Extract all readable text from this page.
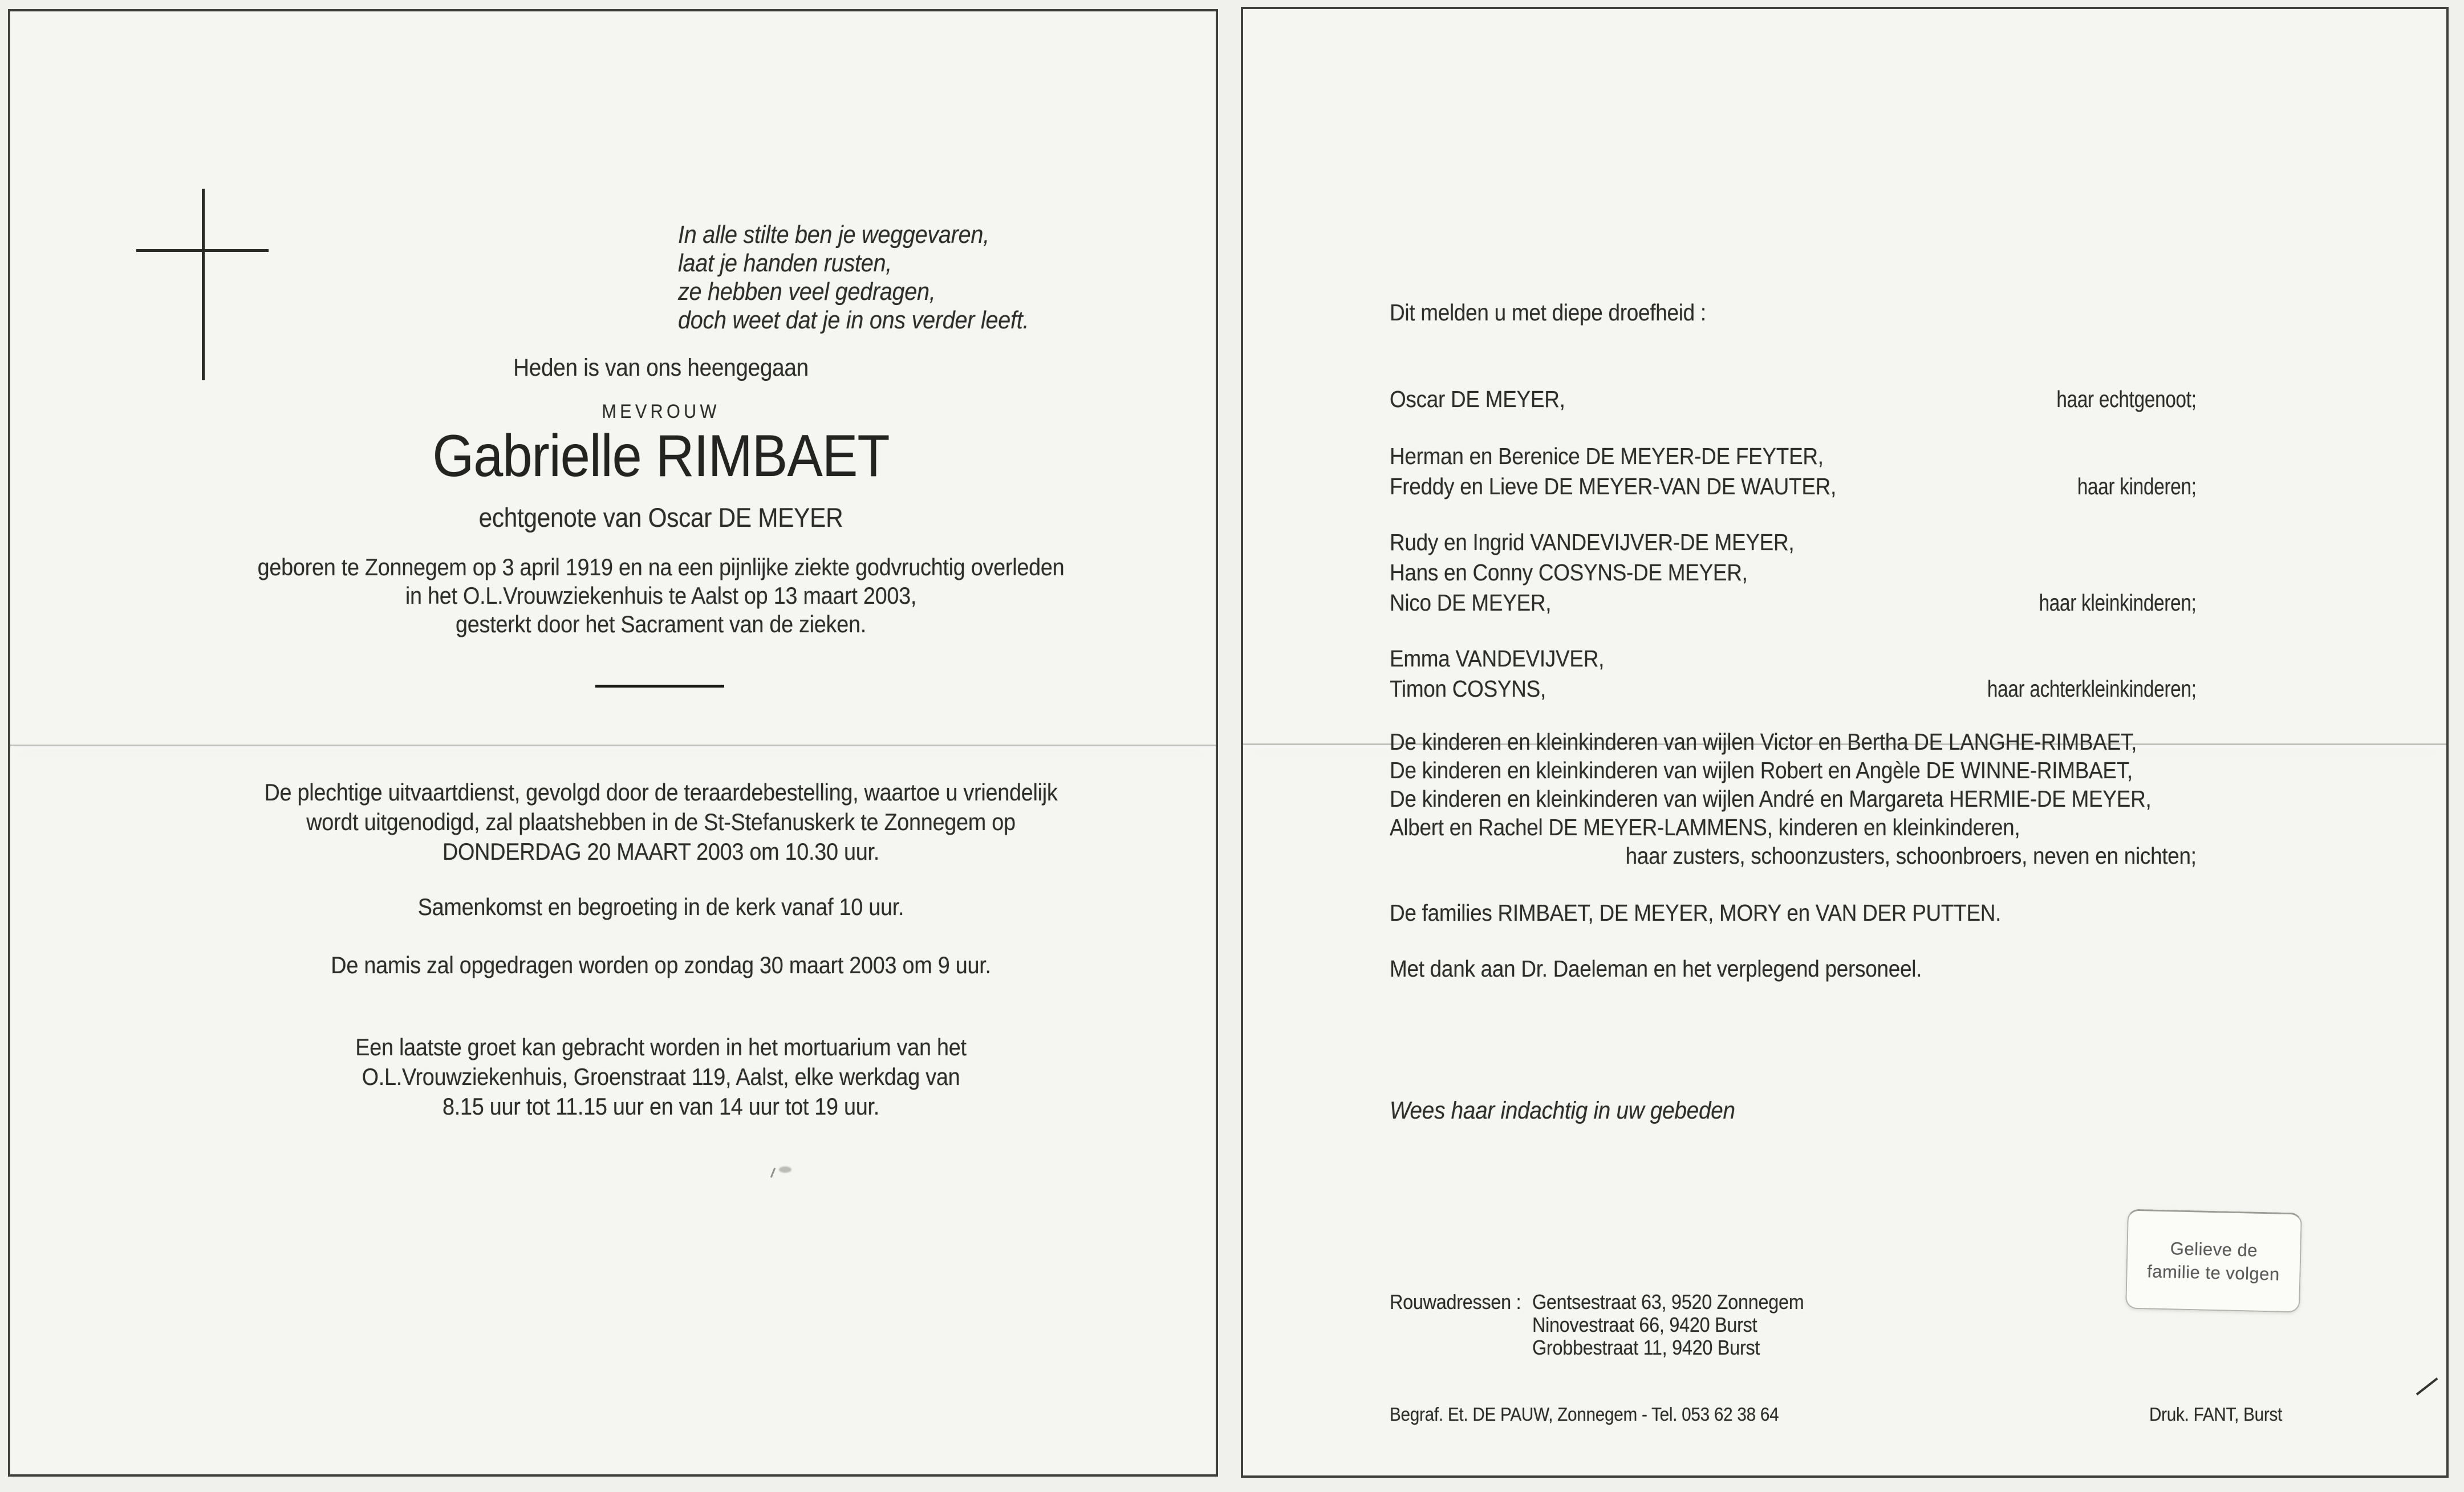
In alle stilte ben je weggevaren,
laat je handen rusten,
ze hebben veel gedragen,
doch weet dat je in ons verder leeft.
Heden is van ons heengegaan
MEVROUW
Gabrielle RIMBAET
echtgenote van Oscar DE MEYER
geboren te Zonnegem op 3 april 1919 en na een pijnlijke ziekte godvruchtig overleden
in het O.L.Vrouwziekenhuis te Aalst op 13 maart 2003,
gesterkt door het Sacrament van de zieken.
De plechtige uitvaartdienst, gevolgd door de teraardebestelling, waartoe u vriendelijk
wordt uitgenodigd, zal plaatshebben in de St-Stefanuskerk te Zonnegem op
DONDERDAG 20 MAART 2003 om 10.30 uur.
Samenkomst en begroeting in de kerk vanaf 10 uur.
De namis zal opgedragen worden op zondag 30 maart 2003 om 9 uur.
Een laatste groet kan gebracht worden in het mortuarium van het
O.L.Vrouwziekenhuis, Groenstraat 119, Aalst, elke werkdag van
8.15 uur tot 11.15 uur en van 14 uur tot 19 uur.
Dit melden u met diepe droefheid :
Oscar DE MEYER,	haar echtgenoot;
Herman en Berenice DE MEYER-DE FEYTER,
Freddy en Lieve DE MEYER-VAN DE WAUTER,	haar kinderen;
Rudy en Ingrid VANDEVIJVER-DE MEYER,
Hans en Conny COSYNS-DE MEYER,
Nico DE MEYER,	haar kleinkinderen;
Emma VANDEVIJVER,
Timon COSYNS,	haar achterkleinkinderen;
De kinderen en kleinkinderen van wijlen Victor en Bertha DE LANGHE-RIMBAET,
De kinderen en kleinkinderen van wijlen Robert en Angèle DE WINNE-RIMBAET,
De kinderen en kleinkinderen van wijlen André en Margareta HERMIE-DE MEYER,
Albert en Rachel DE MEYER-LAMMENS, kinderen en kleinkinderen,
haar zusters, schoonzusters, schoonbroers, neven en nichten;
De families RIMBAET, DE MEYER, MORY en VAN DER PUTTEN.
Met dank aan Dr. Daeleman en het verplegend personeel.
Wees haar indachtig in uw gebeden
Rouwadressen : Gentsestraat 63, 9520 Zonnegem
Ninovestraat 66, 9420 Burst
Grobbestraat 11, 9420 Burst
Begraf. Et. DE PAUW, Zonnegem - Tel. 053 62 38 64	Druk. FANT, Burst
Gelieve de
familie te volgen
